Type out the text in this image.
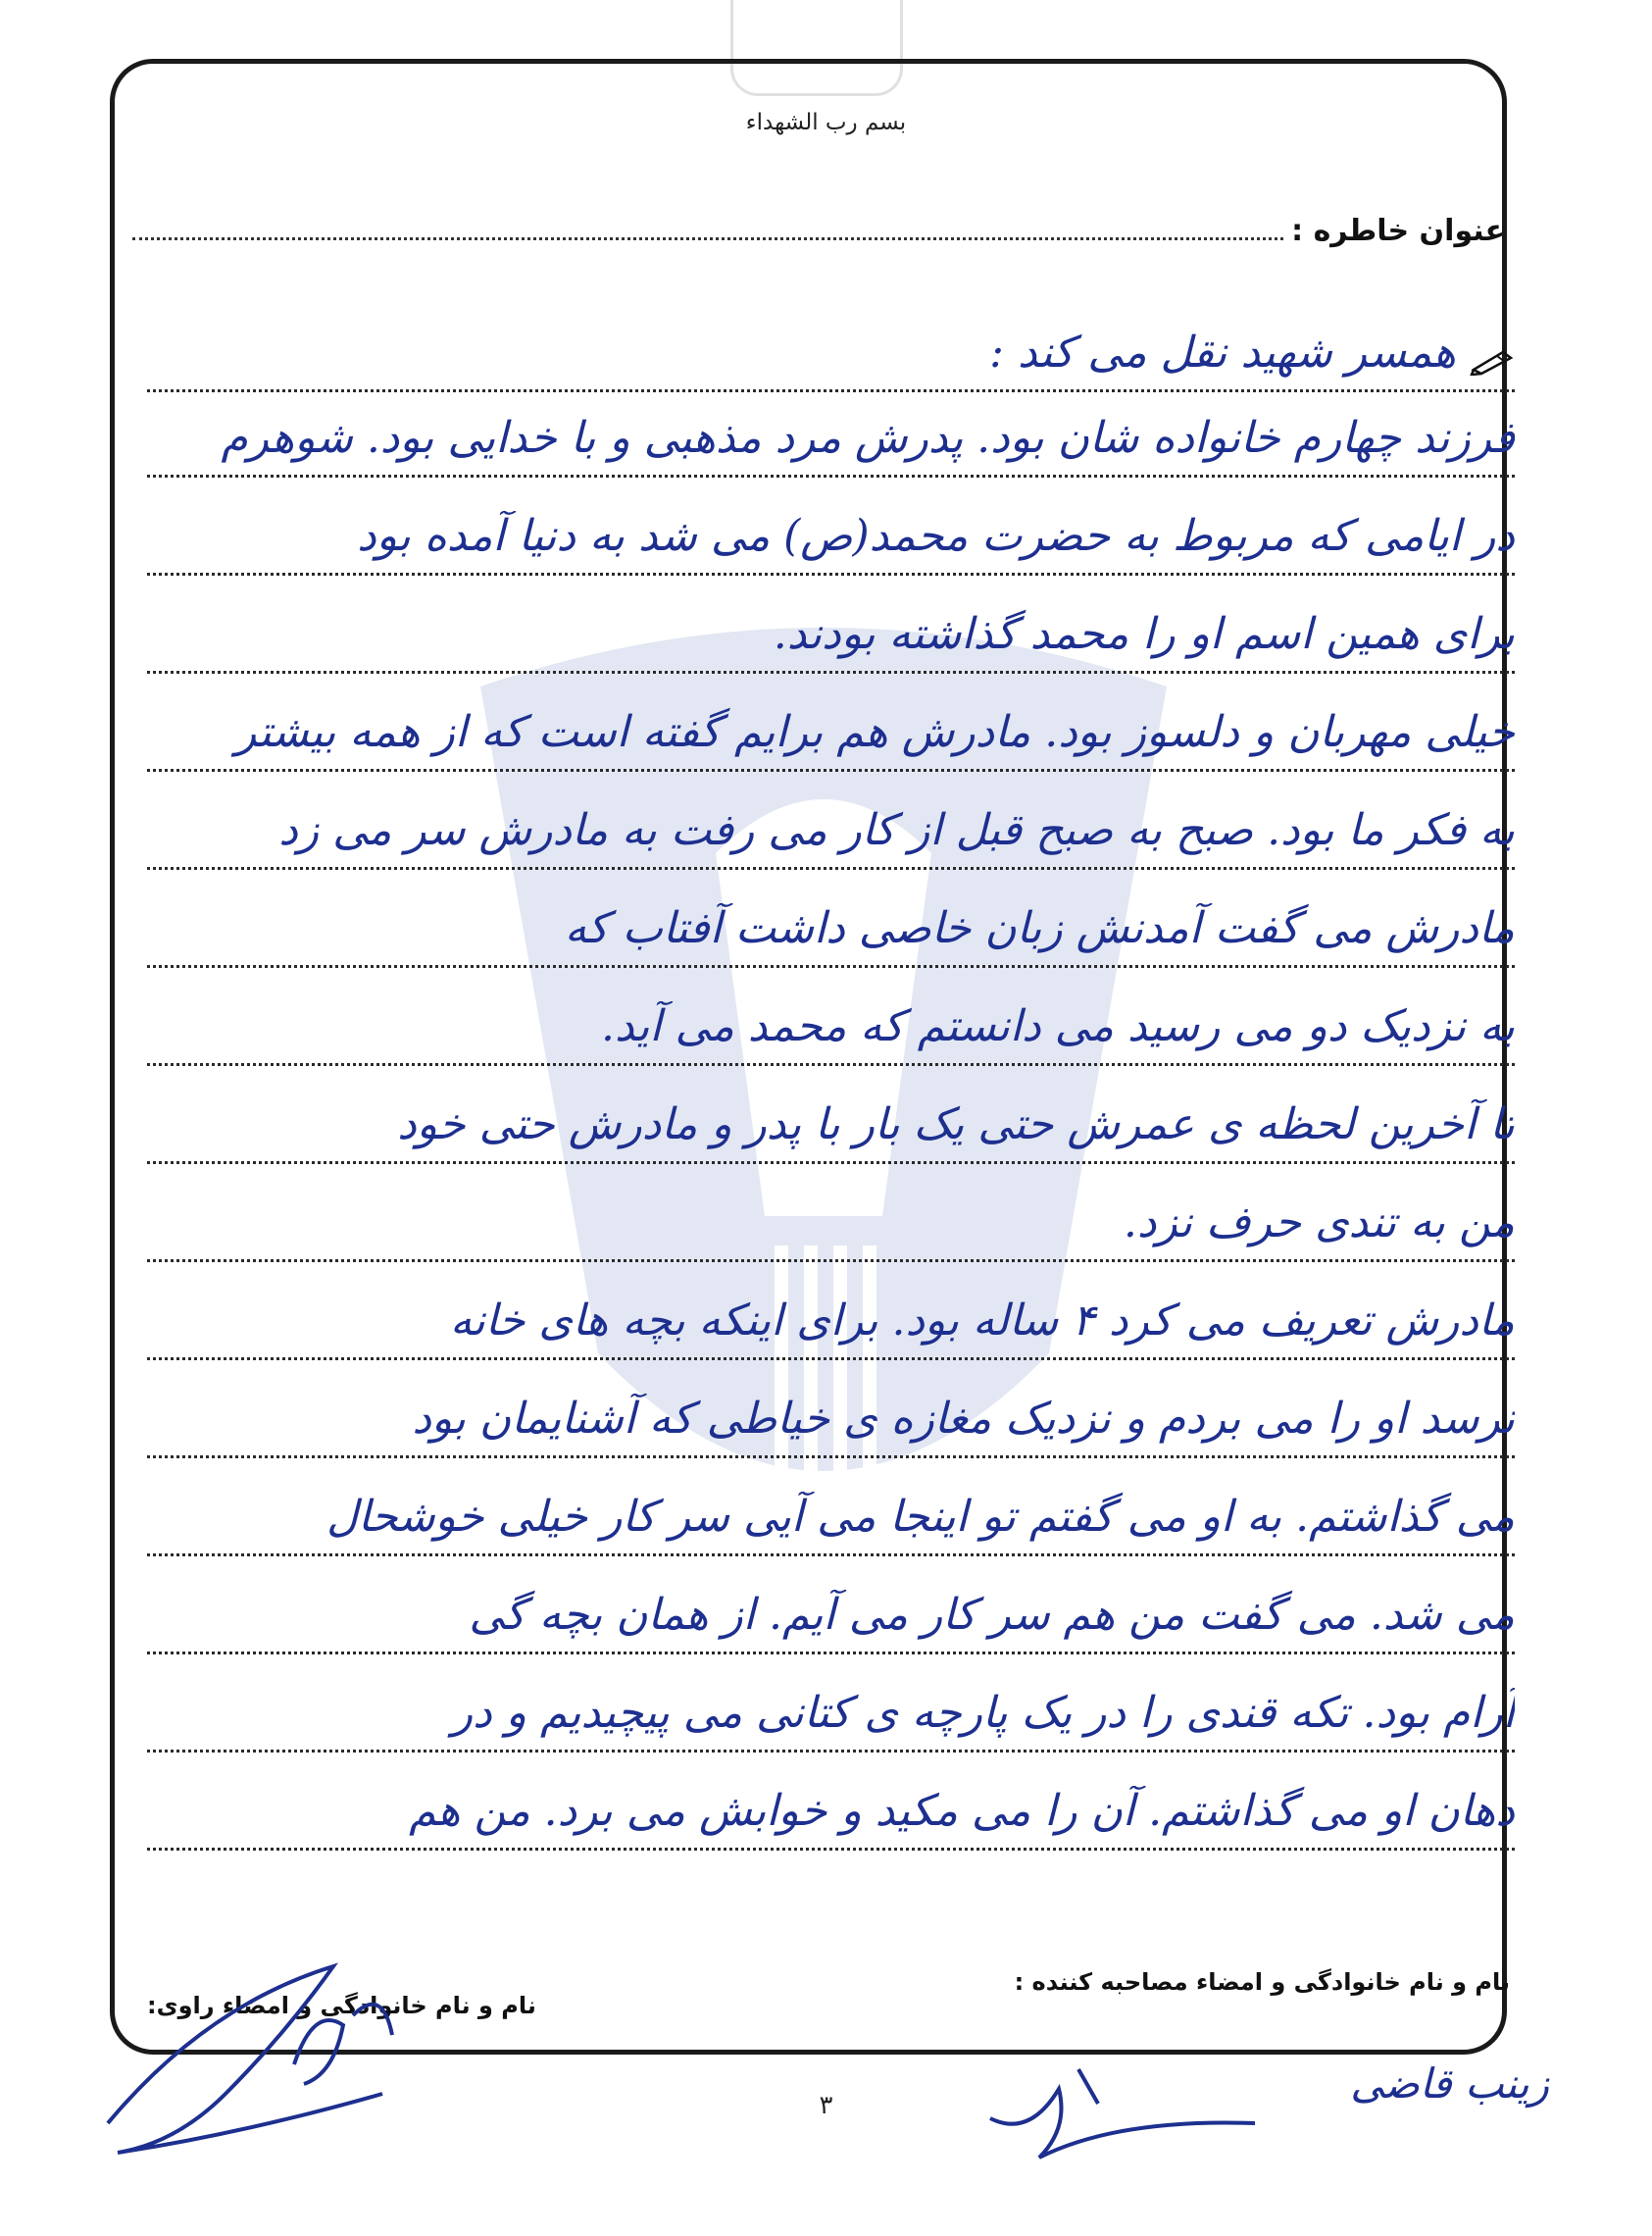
بسم رب الشهداء
عنوان خاطره :
همسر شهید نقل می کند :
فرزند چهارم خانواده شان بود. پدرش مرد مذهبی و با خدایی بود. شوهرم
در ایامی که مربوط به حضرت محمد(ص) می شد به دنیا آمده بود
برای همین اسم او را محمد گذاشته بودند.
خیلی مهربان و دلسوز بود. مادرش هم برایم گفته است که از همه بیشتر
به فکر ما بود. صبح به صبح قبل از کار می رفت به مادرش سر می زد
مادرش می گفت آمدنش زبان خاصی داشت آفتاب که
به نزدیک دو می رسید می دانستم که محمد می آید.
تا آخرین لحظه ی عمرش حتی یک بار با پدر و مادرش حتی خود
من به تندی حرف نزد.
مادرش تعریف می کرد ۴ ساله بود. برای اینکه بچه های خانه
نرسد او را می بردم و نزدیک مغازه ی خیاطی که آشنایمان بود
می گذاشتم. به او می گفتم تو اینجا می آیی سر کار خیلی خوشحال
می شد. می گفت من هم سر کار می آیم. از همان بچه گی
آرام بود. تکه قندی را در یک پارچه ی کتانی می پیچیدیم و در
دهان او می گذاشتم. آن را می مکید و خوابش می برد. من هم
نام و نام خانوادگی و امضاء مصاحبه کننده :
نام و نام خانوادگی و امضاء راوی:
زینب قاضی
۳
